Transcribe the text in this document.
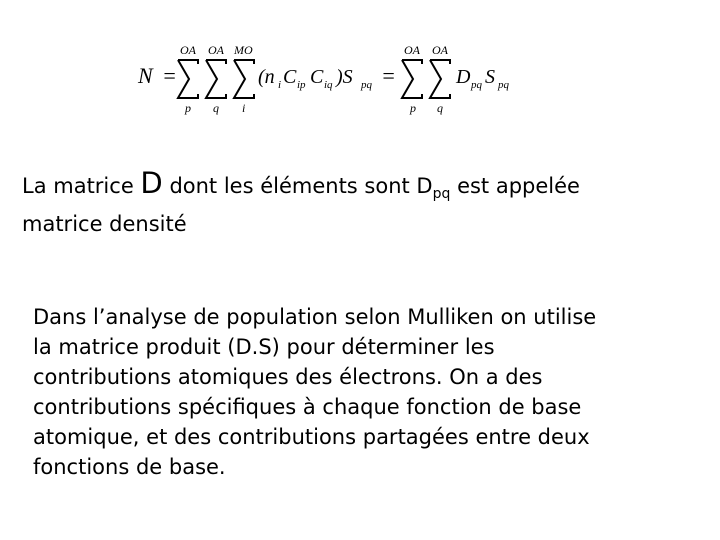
N =
OA
p
OA
q
MO
i
(n i C ip C iq )S pq =
OA
p
OA
q
D pq S pq
La matrice D dont les éléments sont $D_{pq}$ est appelée
matrice densité
Dans l’analyse de population selon Mulliken on utilise
la matrice produit (D.S) pour déterminer les
contributions atomiques des électrons. On a des
contributions spécifiques à chaque fonction de base
atomique, et des contributions partagées entre deux
fonctions de base.
